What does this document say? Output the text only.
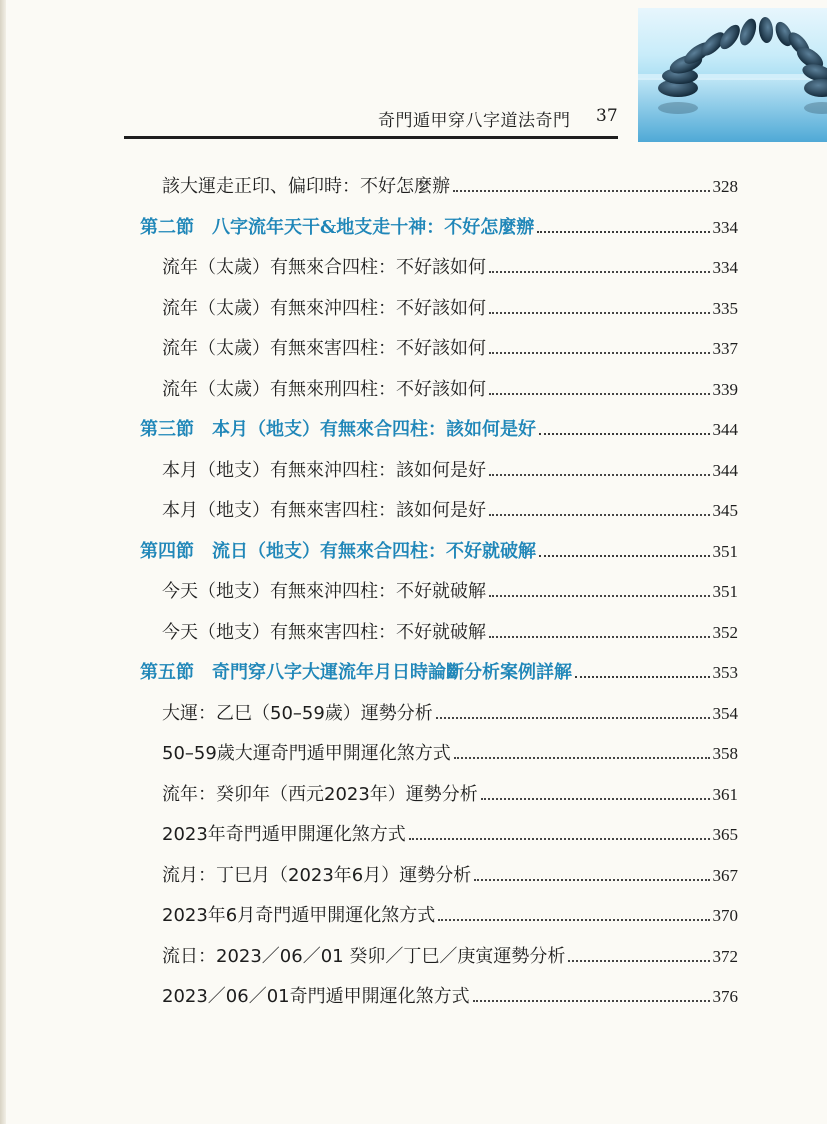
奇門遁甲穿八字道法奇門 37
該大運走正印、偏印時：不好怎麼辦	328
第二節　八字流年天干&地支走十神：不好怎麼辦	334
流年（太歲）有無來合四柱：不好該如何	334
流年（太歲）有無來沖四柱：不好該如何	335
流年（太歲）有無來害四柱：不好該如何	337
流年（太歲）有無來刑四柱：不好該如何	339
第三節　本月（地支）有無來合四柱：該如何是好	344
本月（地支）有無來沖四柱：該如何是好	344
本月（地支）有無來害四柱：該如何是好	345
第四節　流日（地支）有無來合四柱：不好就破解	351
今天（地支）有無來沖四柱：不好就破解	351
今天（地支）有無來害四柱：不好就破解	352
第五節　奇門穿八字大運流年月日時論斷分析案例詳解	353
大運：乙巳（50–59歲）運勢分析	354
50–59歲大運奇門遁甲開運化煞方式	358
流年：癸卯年（西元2023年）運勢分析	361
2023年奇門遁甲開運化煞方式	365
流月：丁巳月（2023年6月）運勢分析	367
2023年6月奇門遁甲開運化煞方式	370
流日：2023／06／01 癸卯／丁巳／庚寅運勢分析	372
2023／06／01奇門遁甲開運化煞方式	376
